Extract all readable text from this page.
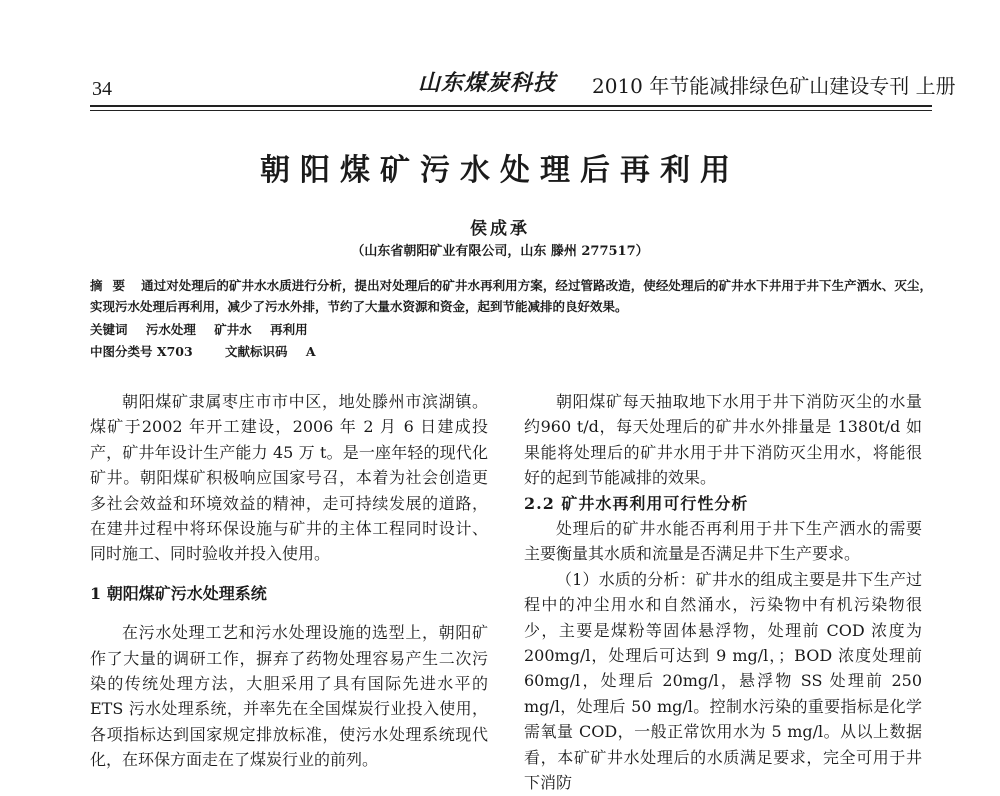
34	山东煤炭科技 2010 年节能减排绿色矿山建设专刊 上册
朝阳煤矿污水处理后再利用
侯成承
（山东省朝阳矿业有限公司，山东 滕州 277517）
摘要 通过对处理后的矿井水水质进行分析，提出对处理后的矿井水再利用方案，经过管路改造，使经处理后的矿井水下井用于井下生产洒水、灭尘，实现污水处理后再利用，减少了污水外排，节约了大量水资源和资金，起到节能减排的良好效果。
关键词 污水处理 矿井水 再利用
中图分类号 X703	文献标识码 A

朝阳煤矿隶属枣庄市市中区，地处滕州市滨湖镇。煤矿于2002 年开工建设，2006 年 2 月 6 日建成投产，矿井年设计生产能力 45 万 t。是一座年轻的现代化矿井。朝阳煤矿积极响应国家号召，本着为社会创造更多社会效益和环境效益的精神，走可持续发展的道路，在建井过程中将环保设施与矿井的主体工程同时设计、同时施工、同时验收并投入使用。

1 朝阳煤矿污水处理系统

在污水处理工艺和污水处理设施的选型上，朝阳矿作了大量的调研工作，摒弃了药物处理容易产生二次污染的传统处理方法，大胆采用了具有国际先进水平的 ETS 污水处理系统，并率先在全国煤炭行业投入使用，各项指标达到国家规定排放标准，使污水处理系统现代化，在环保方面走在了煤炭行业的前列。

朝阳煤矿每天抽取地下水用于井下消防灭尘的水量约960 t/d，每天处理后的矿井水外排量是 1380t/d 如果能将处理后的矿井水用于井下消防灭尘用水，将能很好的起到节能减排的效果。

2.2 矿井水再利用可行性分析

处理后的矿井水能否再利用于井下生产洒水的需要主要衡量其水质和流量是否满足井下生产要求。

（1）水质的分析：矿井水的组成主要是井下生产过程中的冲尘用水和自然涌水，污染物中有机污染物很少，主要是煤粉等固体悬浮物，处理前 COD 浓度为 200mg/l，处理后可达到 9 mg/l，；BOD 浓度处理前 60mg/l，处理后 20mg/l，悬浮物 SS 处理前 250 mg/l，处理后 50 mg/l。控制水污染的重要指标是化学需氧量 COD，一般正常饮用水为 5 mg/l。从以上数据看，本矿矿井水处理后的水质满足要求，完全可用于井下消防
